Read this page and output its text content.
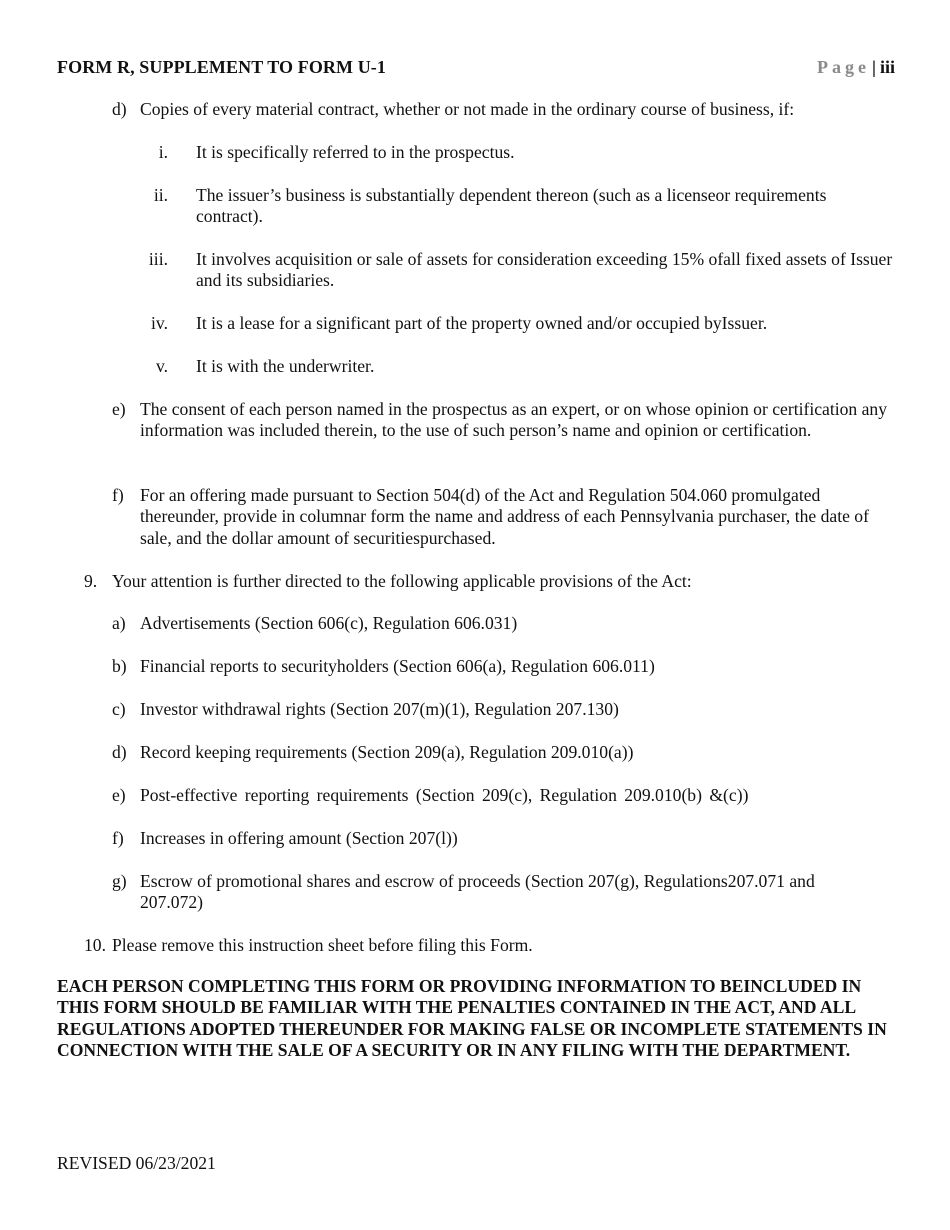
FORM R, SUPPLEMENT TO FORM U-1	Page | iii
d) Copies of every material contract, whether or not made in the ordinary course of business, if:
i. It is specifically referred to in the prospectus.
ii. The issuer’s business is substantially dependent thereon (such as a licenseor requirements contract).
iii. It involves acquisition or sale of assets for consideration exceeding 15% ofall fixed assets of Issuer and its subsidiaries.
iv. It is a lease for a significant part of the property owned and/or occupied byIssuer.
v. It is with the underwriter.
e) The consent of each person named in the prospectus as an expert, or on whose opinion or certification any information was included therein, to the use of such person’s name and opinion or certification.
f) For an offering made pursuant to Section 504(d) of the Act and Regulation 504.060 promulgated thereunder, provide in columnar form the name and address of each Pennsylvania purchaser, the date of sale, and the dollar amount of securitiespurchased.
9. Your attention is further directed to the following applicable provisions of the Act:
a) Advertisements (Section 606(c), Regulation 606.031)
b) Financial reports to securityholders (Section 606(a), Regulation 606.011)
c) Investor withdrawal rights (Section 207(m)(1), Regulation 207.130)
d) Record keeping requirements (Section 209(a), Regulation 209.010(a))
e) Post-effective reporting requirements (Section 209(c), Regulation 209.010(b) &(c))
f) Increases in offering amount (Section 207(l))
g) Escrow of promotional shares and escrow of proceeds (Section 207(g), Regulations207.071 and 207.072)
10. Please remove this instruction sheet before filing this Form.
EACH PERSON COMPLETING THIS FORM OR PROVIDING INFORMATION TO BEINCLUDED IN THIS FORM SHOULD BE FAMILIAR WITH THE PENALTIES CONTAINED IN THE ACT, AND ALL REGULATIONS ADOPTED THEREUNDER FOR MAKING FALSE OR INCOMPLETE STATEMENTS IN CONNECTION WITH THE SALE OF A SECURITY OR IN ANY FILING WITH THE DEPARTMENT.
REVISED 06/23/2021
